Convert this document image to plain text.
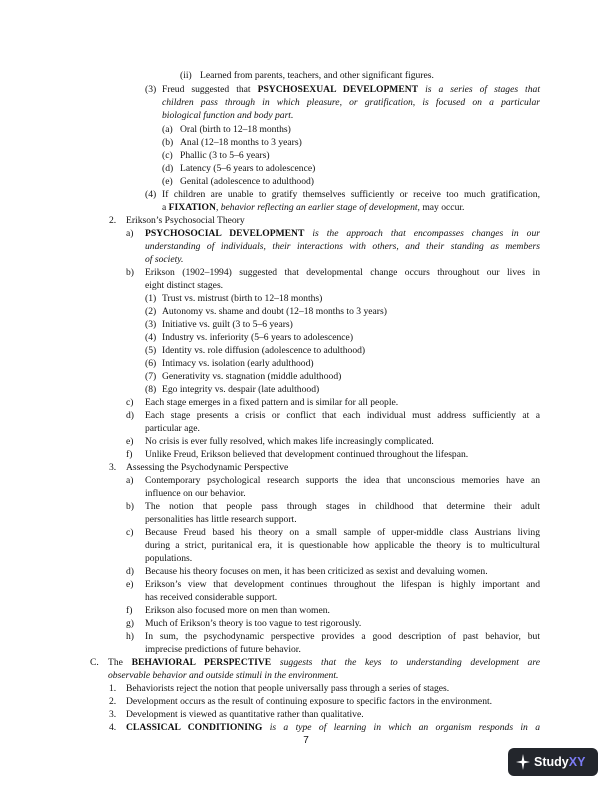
(ii) Learned from parents, teachers, and other significant figures.
(3) Freud suggested that PSYCHOSEXUAL DEVELOPMENT is a series of stages that
children pass through in which pleasure, or gratification, is focused on a particular
biological function and body part.
(a) Oral (birth to 12–18 months)
(b) Anal (12–18 months to 3 years)
(c) Phallic (3 to 5–6 years)
(d) Latency (5–6 years to adolescence)
(e) Genital (adolescence to adulthood)
(4) If children are unable to gratify themselves sufficiently or receive too much gratification,
a FIXATION, behavior reflecting an earlier stage of development, may occur.
2. Erikson’s Psychosocial Theory
a) PSYCHOSOCIAL DEVELOPMENT is the approach that encompasses changes in our
understanding of individuals, their interactions with others, and their standing as members
of society.
b) Erikson (1902–1994) suggested that developmental change occurs throughout our lives in
eight distinct stages.
(1) Trust vs. mistrust (birth to 12–18 months)
(2) Autonomy vs. shame and doubt (12–18 months to 3 years)
(3) Initiative vs. guilt (3 to 5–6 years)
(4) Industry vs. inferiority (5–6 years to adolescence)
(5) Identity vs. role diffusion (adolescence to adulthood)
(6) Intimacy vs. isolation (early adulthood)
(7) Generativity vs. stagnation (middle adulthood)
(8) Ego integrity vs. despair (late adulthood)
c) Each stage emerges in a fixed pattern and is similar for all people.
d) Each stage presents a crisis or conflict that each individual must address sufficiently at a
particular age.
e) No crisis is ever fully resolved, which makes life increasingly complicated.
f) Unlike Freud, Erikson believed that development continued throughout the lifespan.
3. Assessing the Psychodynamic Perspective
a) Contemporary psychological research supports the idea that unconscious memories have an
influence on our behavior.
b) The notion that people pass through stages in childhood that determine their adult
personalities has little research support.
c) Because Freud based his theory on a small sample of upper-middle class Austrians living
during a strict, puritanical era, it is questionable how applicable the theory is to multicultural
populations.
d) Because his theory focuses on men, it has been criticized as sexist and devaluing women.
e) Erikson’s view that development continues throughout the lifespan is highly important and
has received considerable support.
f) Erikson also focused more on men than women.
g) Much of Erikson’s theory is too vague to test rigorously.
h) In sum, the psychodynamic perspective provides a good description of past behavior, but
imprecise predictions of future behavior.
C. The BEHAVIORAL PERSPECTIVE suggests that the keys to understanding development are
observable behavior and outside stimuli in the environment.
1. Behaviorists reject the notion that people universally pass through a series of stages.
2. Development occurs as the result of continuing exposure to specific factors in the environment.
3. Development is viewed as quantitative rather than qualitative.
4. CLASSICAL CONDITIONING is a type of learning in which an organism responds in a
7
StudyXY
